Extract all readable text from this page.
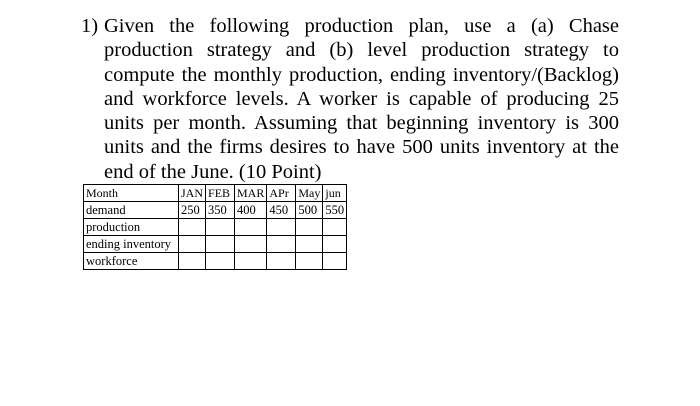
1) Given the following production plan, use a (a) Chase
production strategy and (b) level production strategy to
compute the monthly production, ending inventory/(Backlog)
and workforce levels. A worker is capable of producing 25
units per month. Assuming that beginning inventory is 300
units and the firms desires to have 500 units inventory at the
end of the June. (10 Point)
Month	JAN	FEB	MAR	APr	May	jun
demand	250	350	400	450	500	550
production						
ending inventory						
workforce						
